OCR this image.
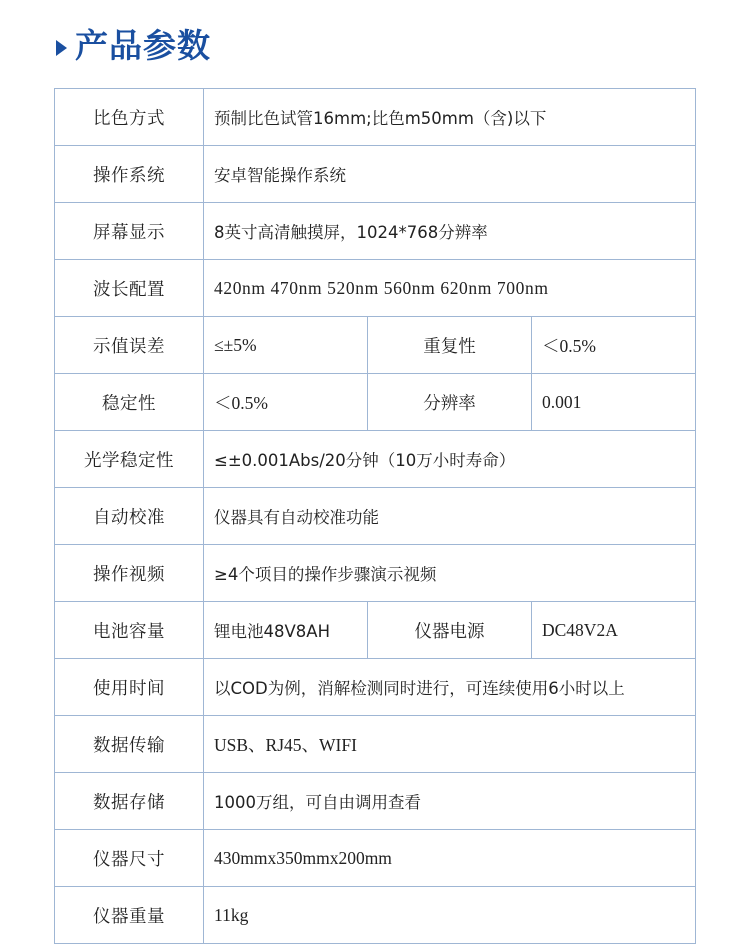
产品参数
比色方式	预制比色试管16mm;比色m50mm（含)以下		
操作系统	安卓智能操作系统		
屏幕显示	8英寸高清触摸屏，1024*768分辨率		
波长配置	420nm 470nm 520nm 560nm 620nm 700nm		
示值误差	≤±5%	重复性	＜0.5%
稳定性	＜0.5%	分辨率	0.001
光学稳定性	≤±0.001Abs/20分钟（10万小时寿命）		
自动校准	仪器具有自动校准功能		
操作视频	≥4个项目的操作步骤演示视频		
电池容量	锂电池48V8AH	仪器电源	DC48V2A
使用时间	以COD为例，消解检测同时进行，可连续使用6小时以上		
数据传输	USB、RJ45、WIFI		
数据存储	1000万组，可自由调用查看		
仪器尺寸	430mmx350mmx200mm		
仪器重量	11kg		
